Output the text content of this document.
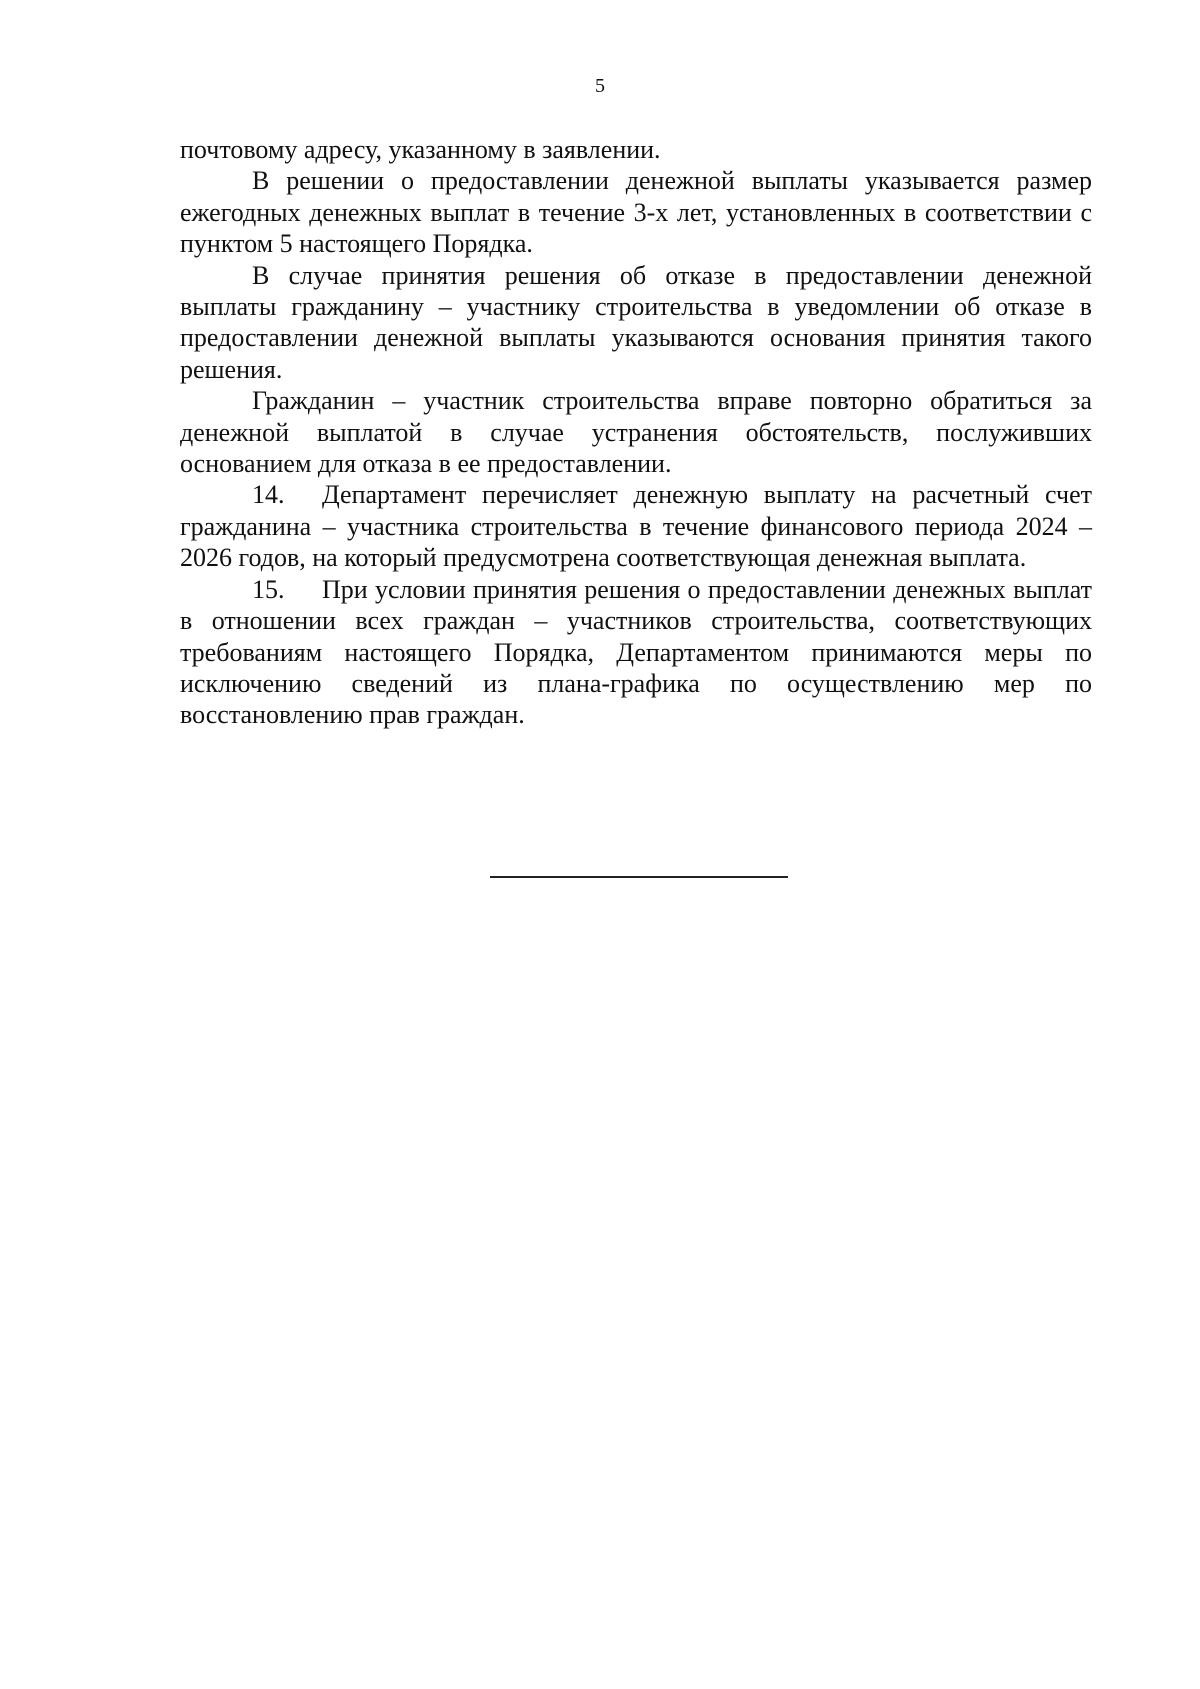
5

почтовому адресу, указанному в заявлении.

В решении о предоставлении денежной выплаты указывается размер ежегодных денежных выплат в течение 3-х лет, установленных в соответствии с пунктом 5 настоящего Порядка.

В случае принятия решения об отказе в предоставлении денежной выплаты гражданину – участнику строительства в уведомлении об отказе в предоставлении денежной выплаты указываются основания принятия такого решения.

Гражданин – участник строительства вправе повторно обратиться за денежной выплатой в случае устранения обстоятельств, послуживших основанием для отказа в ее предоставлении.

14. Департамент перечисляет денежную выплату на расчетный счет гражданина – участника строительства в течение финансового периода 2024 – 2026 годов, на который предусмотрена соответствующая денежная выплата.

15. При условии принятия решения о предоставлении денежных выплат в отношении всех граждан – участников строительства, соответствующих требованиям настоящего Порядка, Департаментом принимаются меры по исключению сведений из плана-графика по осуществлению мер по восстановлению прав граждан.
